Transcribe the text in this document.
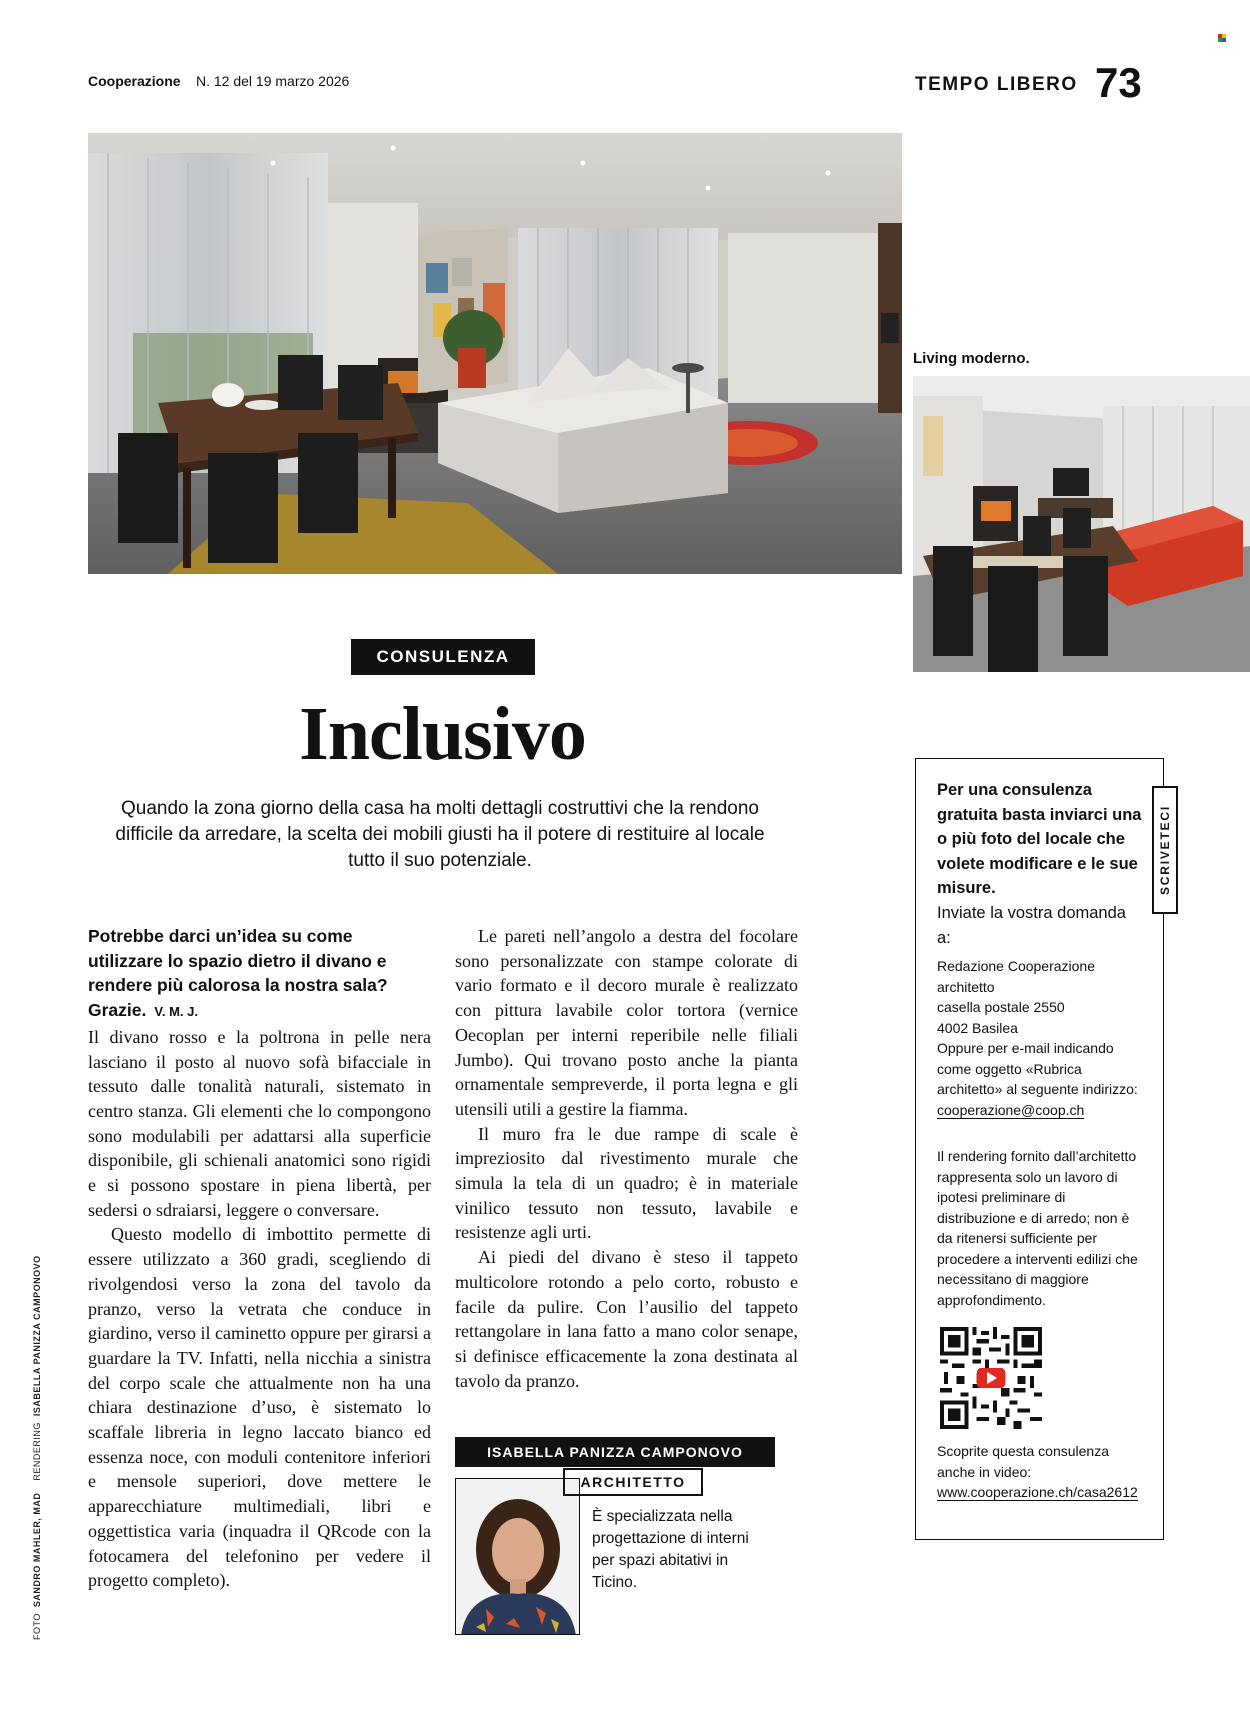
Cooperazione N. 12 del 19 marzo 2026	TEMPO LIBERO 73
Living moderno.
CONSULENZA
Inclusivo
Quando la zona giorno della casa ha molti dettagli costruttivi che la rendono difficile da arredare, la scelta dei mobili giusti ha il potere di restituire al locale tutto il suo potenziale.

Potrebbe darci un’idea su come utilizzare lo spazio dietro il divano e rendere più calorosa la nostra sala? Grazie. V. M. J.

Il divano rosso e la poltrona in pelle nera lasciano il posto al nuovo sofà bifacciale in tessuto dalle tonalità naturali, sistemato in centro stanza. Gli elementi che lo compongono sono modulabili per adattarsi alla superficie disponibile, gli schienali anatomici sono rigidi e si possono spostare in piena libertà, per sedersi o sdraiarsi, leggere o conversare.

Questo modello di imbottito permette di essere utilizzato a 360 gradi, scegliendo di rivolgendosi verso la zona del tavolo da pranzo, verso la vetrata che conduce in giardino, verso il caminetto oppure per girarsi a guardare la TV. Infatti, nella nicchia a sinistra del corpo scale che attualmente non ha una chiara destinazione d’uso, è sistemato lo scaffale libreria in legno laccato bianco ed essenza noce, con moduli contenitore inferiori e mensole superiori, dove mettere le apparecchiature multimediali, libri e oggettistica varia (inquadra il QRcode con la fotocamera del telefonino per vedere il progetto completo).

Le pareti nell’angolo a destra del focolare sono personalizzate con stampe colorate di vario formato e il decoro murale è realizzato con pittura lavabile color tortora (vernice Oecoplan per interni reperibile nelle filiali Jumbo). Qui trovano posto anche la pianta ornamentale sempreverde, il porta legna e gli utensili utili a gestire la fiamma.

Il muro fra le due rampe di scale è impreziosito dal rivestimento murale che simula la tela di un quadro; è in materiale vinilico tessuto non tessuto, lavabile e resistenze agli urti.

Ai piedi del divano è steso il tappeto multicolore rotondo a pelo corto, robusto e facile da pulire. Con l’ausilio del tappeto rettangolare in lana fatto a mano color senape, si definisce efficacemente la zona destinata al tavolo da pranzo.

ISABELLA PANIZZA CAMPONOVO
ARCHITETTO
È specializzata nella progettazione di interni per spazi abitativi in Ticino.
FOTO  SANDRO MAHLER, MAD    RENDERING  ISABELLA PANIZZA CAMPONOVO
SCRIVETECI
Per una consulenza gratuita basta inviarci una o più foto del locale che volete modificare e le sue misure.
Inviate la vostra domanda a:

Redazione Cooperazione

architetto

casella postale 2550

4002 Basilea

Oppure per e-mail indicando come oggetto «Rubrica architetto» al seguente indirizzo:

cooperazione@coop.ch

Il rendering fornito dall’architetto rappresenta solo un lavoro di ipotesi preliminare di distribuzione e di arredo; non è da ritenersi sufficiente per procedere a interventi edilizi che necessitano di maggiore approfondimento.

Scoprite questa consulenza anche in video:

www.cooperazione.ch/casa2612
